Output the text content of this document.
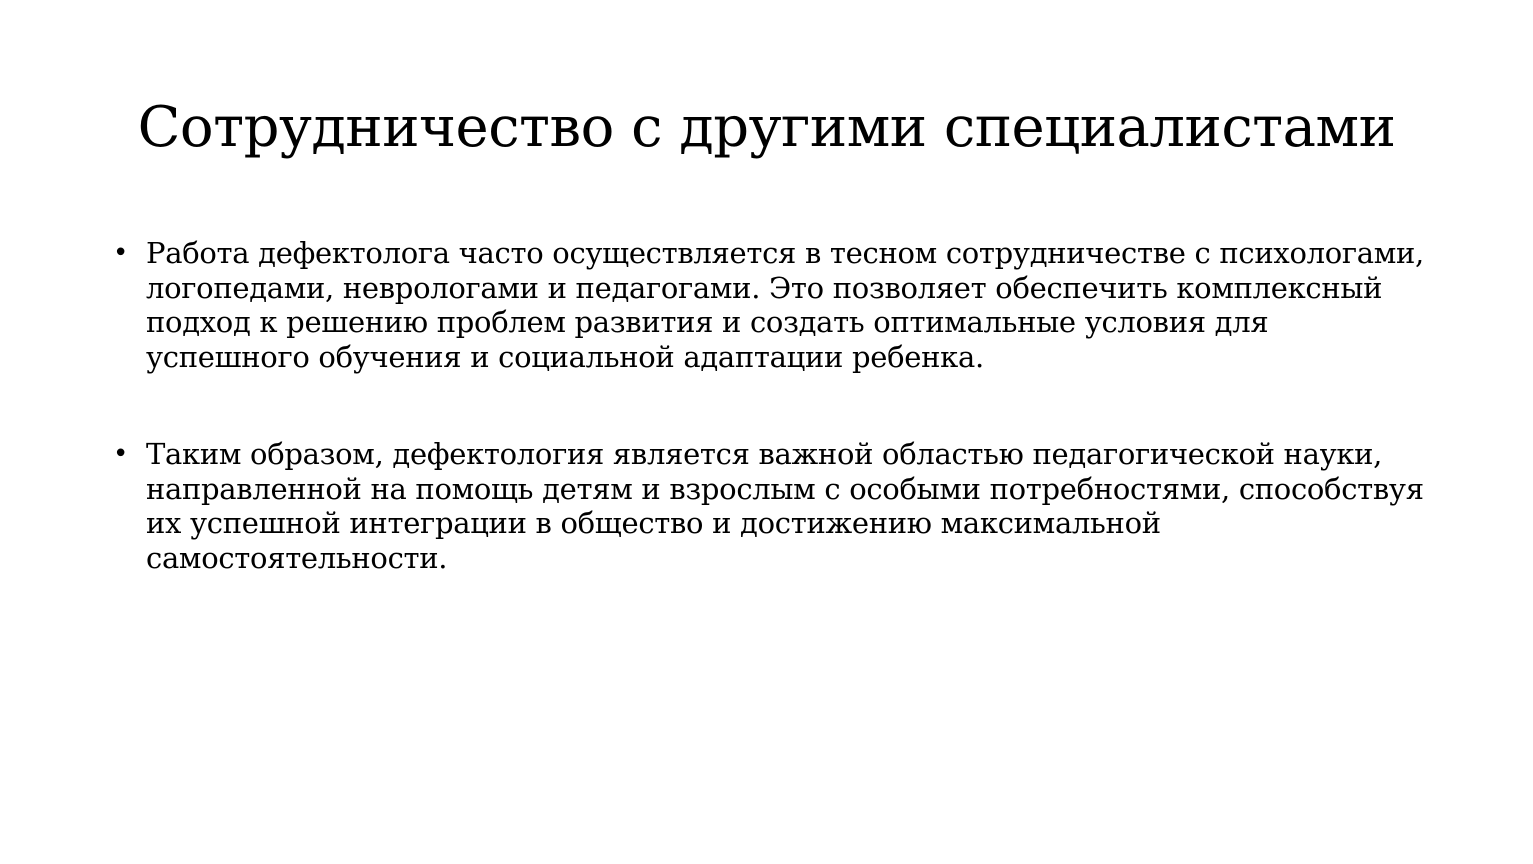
Сотрудничество с другими специалистами
• Работа дефектолога часто осуществляется в тесном сотрудничестве с психологами,
логопедами, неврологами и педагогами. Это позволяет обеспечить комплексный
подход к решению проблем развития и создать оптимальные условия для
успешного обучения и социальной адаптации ребенка.
• Таким образом, дефектология является важной областью педагогической науки,
направленной на помощь детям и взрослым с особыми потребностями, способствуя
их успешной интеграции в общество и достижению максимальной
самостоятельности.
